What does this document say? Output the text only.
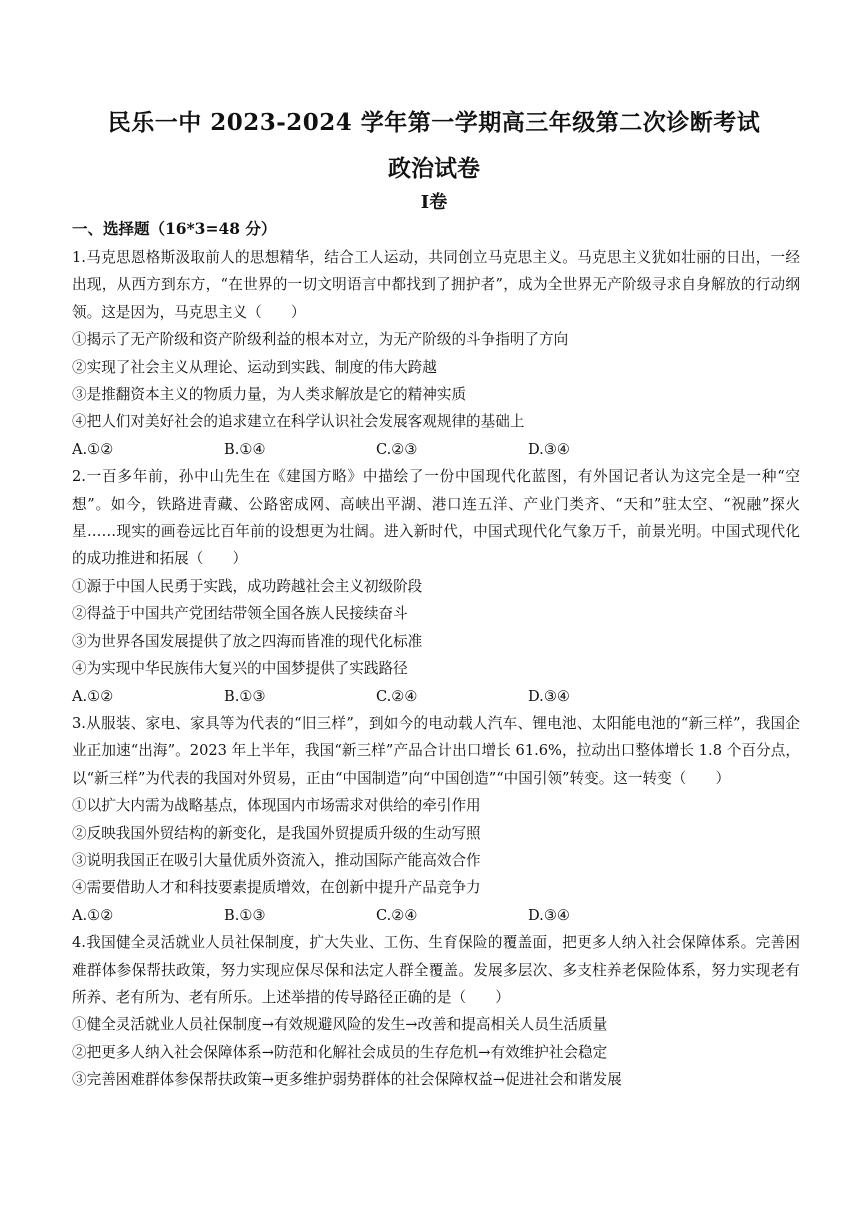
民乐一中 2023-2024 学年第一学期高三年级第二次诊断考试
政治试卷
Ⅰ卷
一、选择题（16*3=48 分）

1.马克思恩格斯汲取前人的思想精华，结合工人运动，共同创立马克思主义。马克思主义犹如壮丽的日出，一经出现，从西方到东方，“在世界的一切文明语言中都找到了拥护者”，成为全世界无产阶级寻求自身解放的行动纲领。这是因为，马克思主义（　　）

①揭示了无产阶级和资产阶级利益的根本对立，为无产阶级的斗争指明了方向

②实现了社会主义从理论、运动到实践、制度的伟大跨越

③是推翻资本主义的物质力量，为人类求解放是它的精神实质

④把人们对美好社会的追求建立在科学认识社会发展客观规律的基础上

A.①②	B.①④	C.②③	D.③④

2.一百多年前，孙中山先生在《建国方略》中描绘了一份中国现代化蓝图，有外国记者认为这完全是一种“空想”。如今，铁路进青藏、公路密成网、高峡出平湖、港口连五洋、产业门类齐、“天和”驻太空、“祝融”探火星……现实的画卷远比百年前的设想更为壮阔。进入新时代，中国式现代化气象万千，前景光明。中国式现代化的成功推进和拓展（　　）

①源于中国人民勇于实践，成功跨越社会主义初级阶段

②得益于中国共产党团结带领全国各族人民接续奋斗

③为世界各国发展提供了放之四海而皆准的现代化标准

④为实现中华民族伟大复兴的中国梦提供了实践路径

A.①②	B.①③	C.②④	D.③④

3.从服装、家电、家具等为代表的“旧三样”，到如今的电动载人汽车、锂电池、太阳能电池的“新三样”，我国企业正加速“出海”。2023 年上半年，我国“新三样”产品合计出口增长 61.6%，拉动出口整体增长 1.8 个百分点，以“新三样”为代表的我国对外贸易，正由“中国制造”向“中国创造”“中国引领”转变。这一转变（　　）

①以扩大内需为战略基点，体现国内市场需求对供给的牵引作用

②反映我国外贸结构的新变化，是我国外贸提质升级的生动写照

③说明我国正在吸引大量优质外资流入，推动国际产能高效合作

④需要借助人才和科技要素提质增效，在创新中提升产品竞争力

A.①②	B.①③	C.②④	D.③④

4.我国健全灵活就业人员社保制度，扩大失业、工伤、生育保险的覆盖面，把更多人纳入社会保障体系。完善困难群体参保帮扶政策，努力实现应保尽保和法定人群全覆盖。发展多层次、多支柱养老保险体系，努力实现老有所养、老有所为、老有所乐。上述举措的传导路径正确的是（　　）

①健全灵活就业人员社保制度→有效规避风险的发生→改善和提高相关人员生活质量

②把更多人纳入社会保障体系→防范和化解社会成员的生存危机→有效维护社会稳定

③完善困难群体参保帮扶政策→更多维护弱势群体的社会保障权益→促进社会和谐发展
